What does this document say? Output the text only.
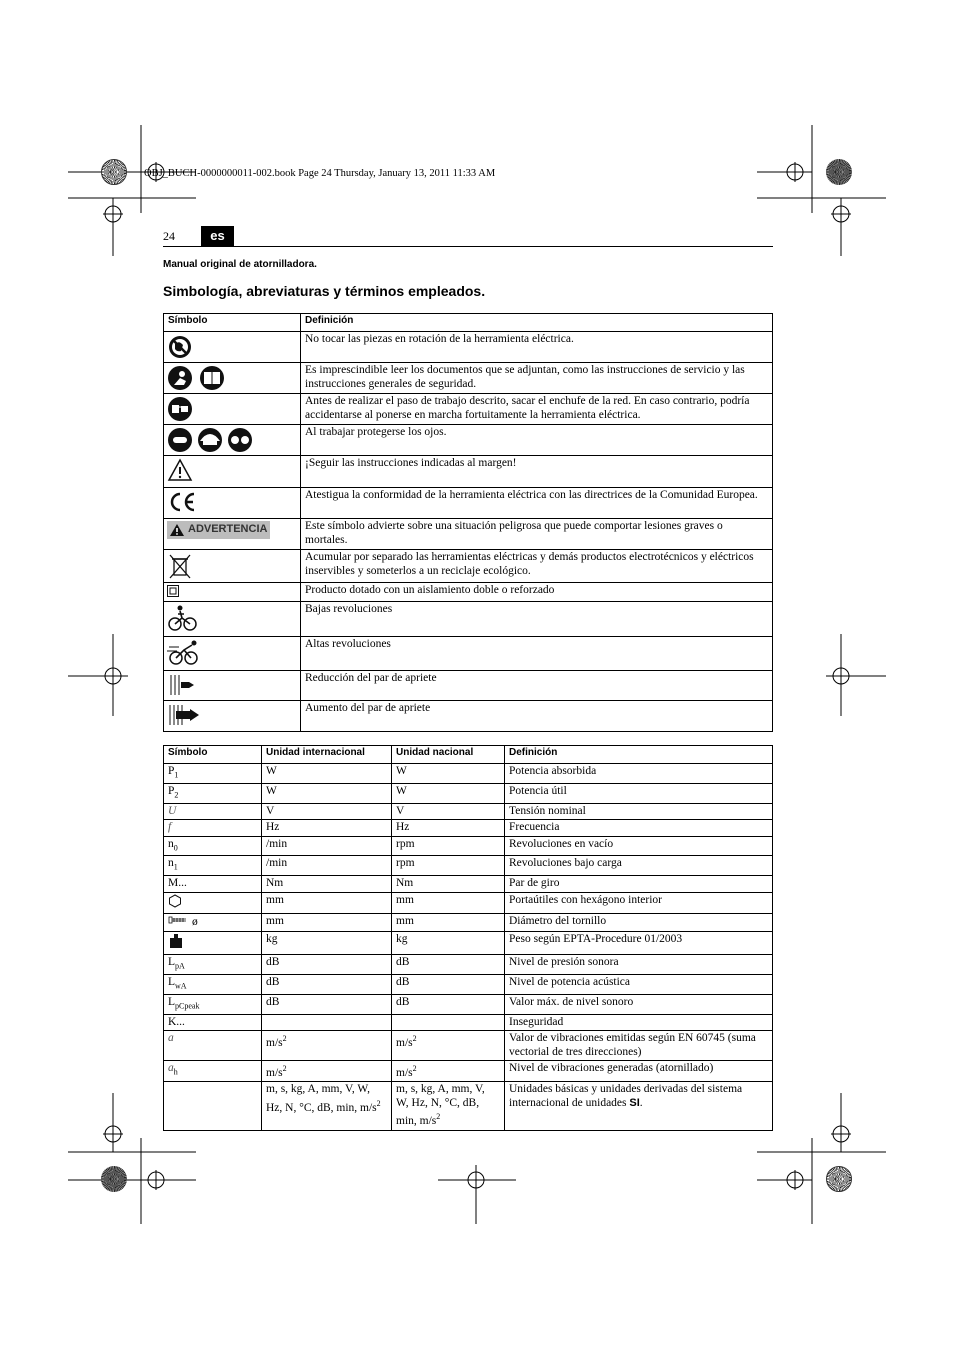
OBJ_BUCH-0000000011-002.book Page 24 Thursday, January 13, 2011 11:33 AM
24	es
Manual original de atornilladora.
Simbología, abreviaturas y términos empleados.
Símbolo	Definición
	No tocar las piezas en rotación de la herramienta eléctrica.
	Es imprescindible leer los documentos que se adjuntan, como las instrucciones de servicio y las instrucciones generales de seguridad.
	Antes de realizar el paso de trabajo descrito, sacar el enchufe de la red. En caso contrario, podría accidentarse al ponerse en marcha fortuitamente la herramienta eléctrica.
	Al trabajar protegerse los ojos.
	¡Seguir las instrucciones indicadas al margen!
	Atestigua la conformidad de la herramienta eléctrica con las directrices de la Comunidad Europea.

ADVERTENCIA	Este símbolo advierte sobre una situación peligrosa que puede comportar lesiones graves o mortales.
	Acumular por separado las herramientas eléctricas y demás productos electrotécnicos y eléctricos inservibles y someterlos a un reciclaje ecológico.
	Producto dotado con un aislamiento doble o reforzado
	Bajas revoluciones
	Altas revoluciones
	Reducción del par de apriete
	Aumento del par de apriete
Símbolo	Unidad internacional	Unidad nacional	Definición
$P_1$	W	W	Potencia absorbida
$P_2$	W	W	Potencia útil
U	V	V	Tensión nominal
f	Hz	Hz	Frecuencia
$n_0$	/min	rpm	Revoluciones en vacío
$n_1$	/min	rpm	Revoluciones bajo carga
M...	Nm	Nm	Par de giro
	mm	mm	Portaútiles con hexágono interior
ø	mm	mm	Diámetro del tornillo
	kg	kg	Peso según EPTA-Procedure 01/2003
$L_{pA}$	dB	dB	Nivel de presión sonora
$L_{wA}$	dB	dB	Nivel de potencia acústica
$L_{pCpeak}$	dB	dB	Valor máx. de nivel sonoro
K...			Inseguridad
a	$m/s^2$	$m/s^2$	Valor de vibraciones emitidas según EN 60745 (suma vectorial de tres direcciones)
$a_h$	$m/s^2$	$m/s^2$	Nivel de vibraciones generadas (atornillado)
	m, s, kg, A, mm, V, W, Hz, N, °C, dB, min, $m/s^2$	m, s, kg, A, mm, V, W, Hz, N, °C, dB, min, $m/s^2$	Unidades básicas y unidades derivadas del sistema internacional de unidades SI.
